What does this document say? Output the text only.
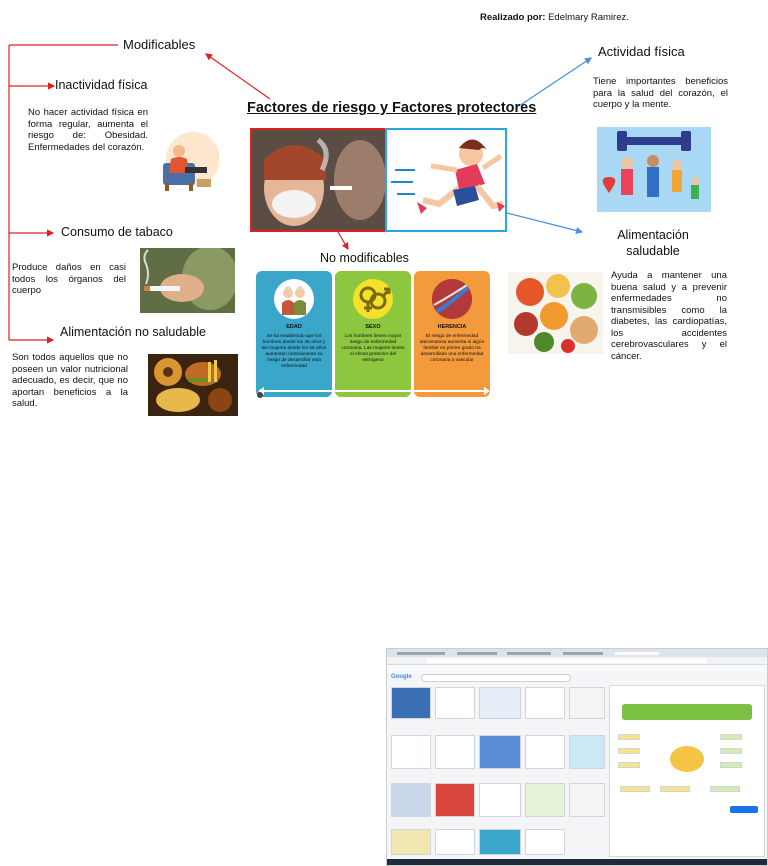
Realizado por: Edelmary Ramirez.
Factores de riesgo y Factores protectores
Modificables
Inactividad física
No hacer actividad física en forma regular, aumenta el riesgo de: Obesidad. Enfermedades del corazón.
Consumo de tabaco
Produce daños en casi todos los órganos del cuerpo
Alimentación no saludable
Son todos aquellos que no poseen un valor nutricional adecuado, es decir, que no aportan beneficios a la salud.
No modificables
EDAD
Se ha establecido que los hombres desde los 45 años y las mujeres desde los 55 años aumentan notoriamente su riesgo de desarrollar esta enfermedad
SEXO
Los hombres tienen mayor riesgo de enfermedad coronaria. Las mujeres tienen el efecto protector del estrógeno
HERENCIA
El riesgo de enfermedad ateromatosa aumenta si algún familiar en primer grado ha desarrollado una enfermedad coronaria o vascular
Actividad física
Tiene importantes beneficios para la salud del corazón, el cuerpo y la mente.
Alimentación saludable
Ayuda a mantener una buena salud y a prevenir enfermedades no transmisibles como la diabetes, las cardiopatías, los accidentes cerebrovasculares y el cáncer.
Google
